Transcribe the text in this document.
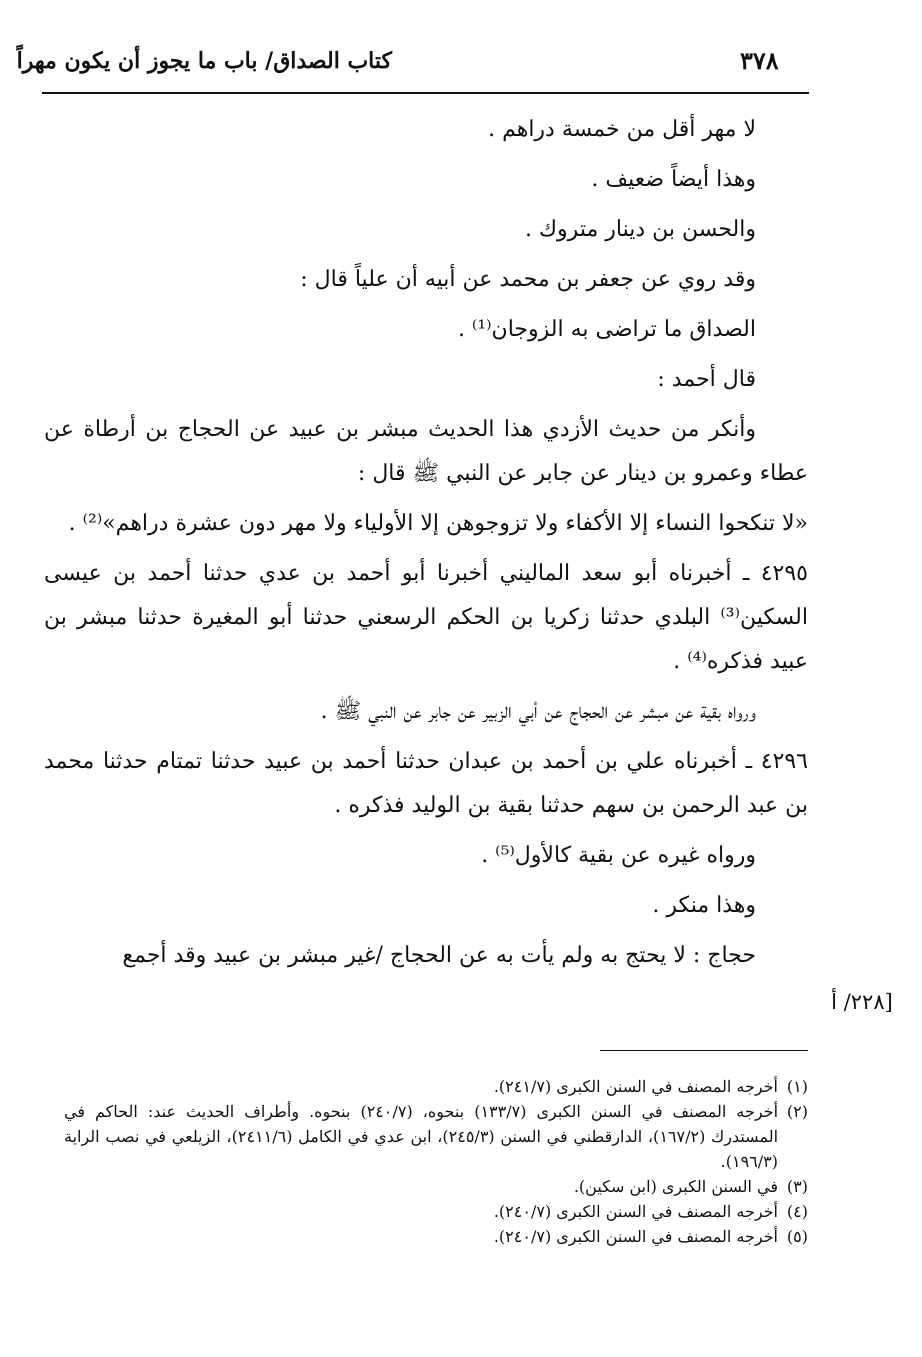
٣٧٨
كتاب الصداق/ باب ما يجوز أن يكون مهراً

لا مهر أقل من خمسة دراهم .

وهذا أيضاً ضعيف .

والحسن بن دينار متروك .

وقد روي عن جعفر بن محمد عن أبيه أن علياً قال :

الصداق ما تراضى به الزوجان⁽¹⁾ .

قال أحمد :

وأنكر من حديث الأزدي هذا الحديث مبشر بن عبيد عن الحجاج بن أرطاة عن عطاء وعمرو بن دينار عن جابر عن النبي ﷺ قال :

«لا تنكحوا النساء إلا الأكفاء ولا تزوجوهن إلا الأولياء ولا مهر دون عشرة دراهم»⁽²⁾ .

٤٢٩٥ ـ أخبرناه أبو سعد الماليني أخبرنا أبو أحمد بن عدي حدثنا أحمد بن عيسى السكين⁽³⁾ البلدي حدثنا زكريا بن الحكم الرسعني حدثنا أبو المغيرة حدثنا مبشر بن عبيد فذكره⁽⁴⁾ .

ورواه بقية عن مبشر عن الحجاج عن أبي الزبير عن جابر عن النبي ﷺ .

٤٢٩٦ ـ أخبرناه علي بن أحمد بن عبدان حدثنا أحمد بن عبيد حدثنا تمتام حدثنا محمد بن عبد الرحمن بن سهم حدثنا بقية بن الوليد فذكره .

ورواه غيره عن بقية كالأول⁽⁵⁾ .

وهذا منكر .

حجاج : لا يحتج به ولم يأت به عن الحجاج /غير مبشر بن عبيد وقد أجمع

٢٢٨/ أ]
(١)
أخرجه المصنف في السنن الكبرى (٢٤١/٧).
(٢)
أخرجه المصنف في السنن الكبرى (١٣٣/٧) بنحوه، (٢٤٠/٧) بنحوه. وأطراف الحديث عند: الحاكم في المستدرك (١٦٧/٢)، الدارقطني في السنن (٢٤٥/٣)، ابن عدي في الكامل (٢٤١١/٦)، الزيلعي في نصب الراية (١٩٦/٣).
(٣)
في السنن الكبرى (ابن سكين).
(٤)
أخرجه المصنف في السنن الكبرى (٢٤٠/٧).
(٥)
أخرجه المصنف في السنن الكبرى (٢٤٠/٧).
